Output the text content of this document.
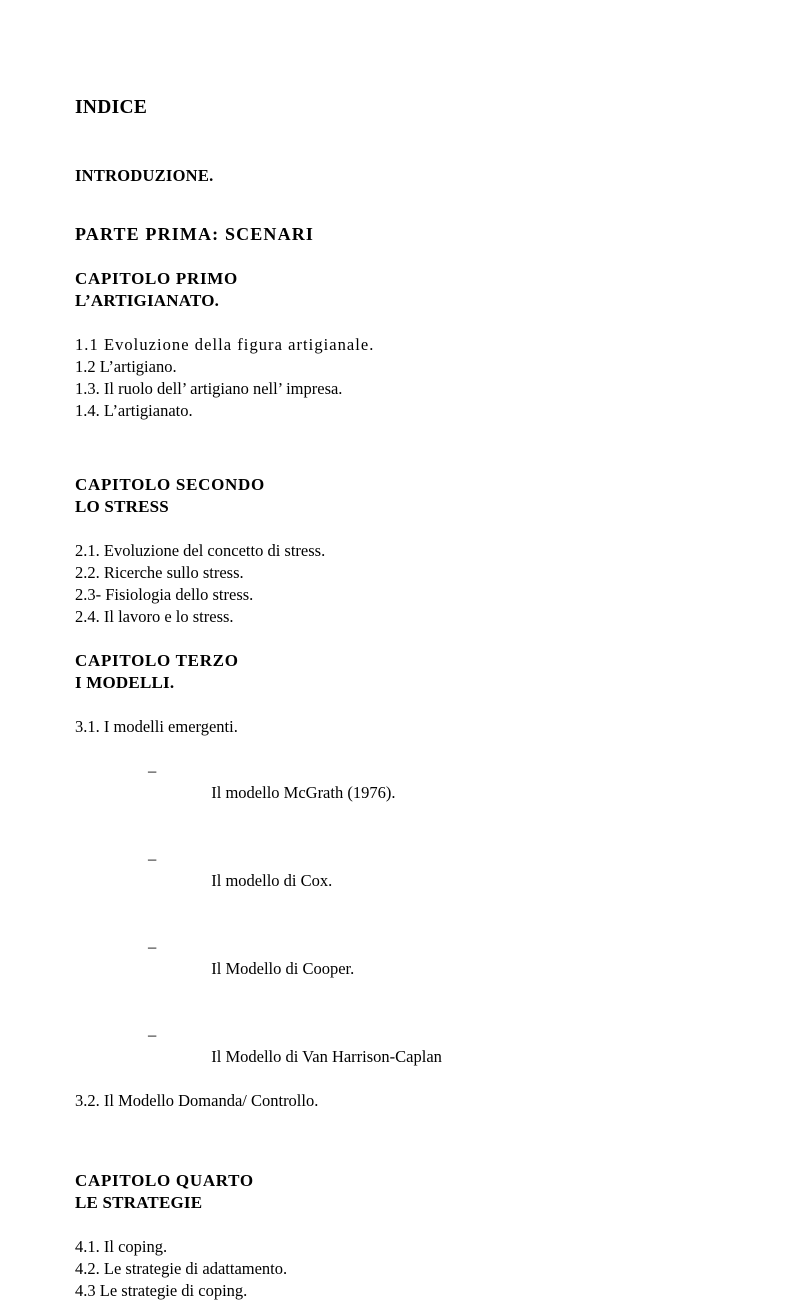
INDICE
INTRODUZIONE.
PARTE PRIMA: SCENARI
CAPITOLO PRIMO
L’ARTIGIANATO.
1.1 Evoluzione della figura artigianale.
1.2 L’artigiano.
1.3. Il ruolo dell’ artigiano nell’ impresa.
1.4. L’artigianato.
CAPITOLO SECONDO
LO STRESS
2.1. Evoluzione del concetto di stress.
2.2. Ricerche sullo stress.
2.3- Fisiologia dello stress.
2.4. Il lavoro e lo stress.
CAPITOLO TERZO
I MODELLI.
3.1. I modelli emergenti.

–

Il modello McGrath (1976).

–

Il modello di Cox.

–

Il Modello di Cooper.

–

Il Modello di Van Harrison-Caplan

3.2. Il Modello Domanda/ Controllo.
CAPITOLO QUARTO
LE STRATEGIE
4.1. Il coping.
4.2. Le strategie di adattamento.
4.3 Le strategie di coping.
